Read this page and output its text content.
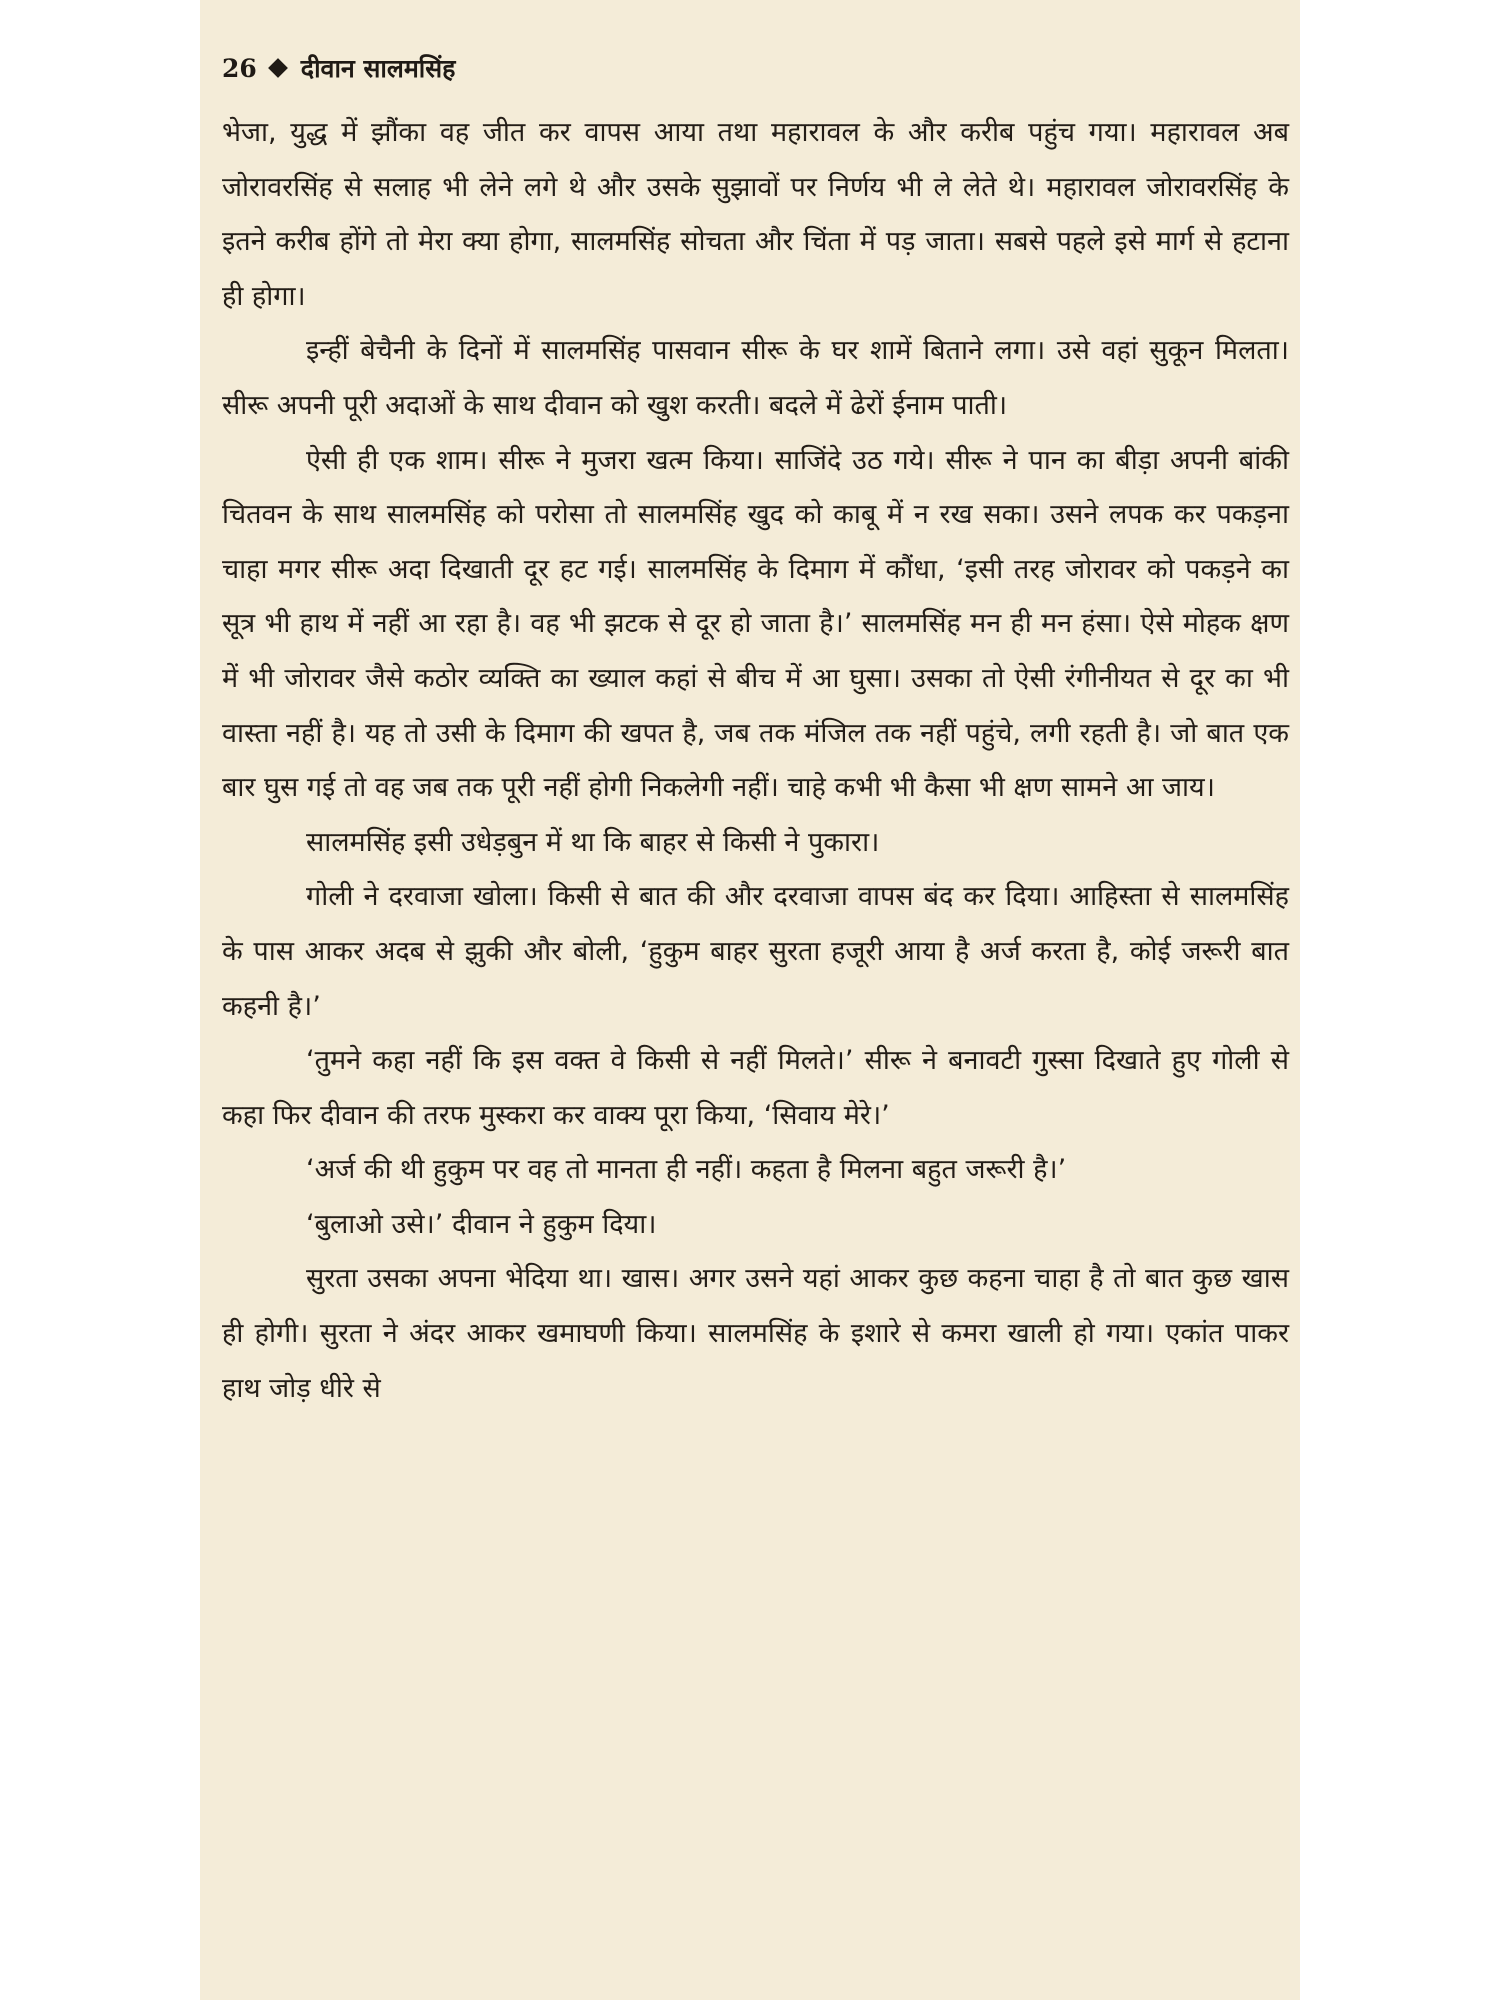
26 दीवान सालमसिंह

भेजा, युद्ध में झौंका वह जीत कर वापस आया तथा महारावल के और करीब पहुंच गया। महारावल अब जोरावरसिंह से सलाह भी लेने लगे थे और उसके सुझावों पर निर्णय भी ले लेते थे। महारावल जोरावरसिंह के इतने करीब होंगे तो मेरा क्या होगा, सालमसिंह सोचता और चिंता में पड़ जाता। सबसे पहले इसे मार्ग से हटाना ही होगा।

इन्हीं बेचैनी के दिनों में सालमसिंह पासवान सीरू के घर शामें बिताने लगा। उसे वहां सुकून मिलता। सीरू अपनी पूरी अदाओं के साथ दीवान को खुश करती। बदले में ढेरों ईनाम पाती।

ऐसी ही एक शाम। सीरू ने मुजरा खत्म किया। साजिंदे उठ गये। सीरू ने पान का बीड़ा अपनी बांकी चितवन के साथ सालमसिंह को परोसा तो सालमसिंह खुद को काबू में न रख सका। उसने लपक कर पकड़ना चाहा मगर सीरू अदा दिखाती दूर हट गई। सालमसिंह के दिमाग में कौंधा, ‘इसी तरह जोरावर को पकड़ने का सूत्र भी हाथ में नहीं आ रहा है। वह भी झटक से दूर हो जाता है।’ सालमसिंह मन ही मन हंसा। ऐसे मोहक क्षण में भी जोरावर जैसे कठोर व्यक्ति का ख्याल कहां से बीच में आ घुसा। उसका तो ऐसी रंगीनीयत से दूर का भी वास्ता नहीं है। यह तो उसी के दिमाग की खपत है, जब तक मंजिल तक नहीं पहुंचे, लगी रहती है। जो बात एक बार घुस गई तो वह जब तक पूरी नहीं होगी निकलेगी नहीं। चाहे कभी भी कैसा भी क्षण सामने आ जाय।

सालमसिंह इसी उधेड़बुन में था कि बाहर से किसी ने पुकारा।

गोली ने दरवाजा खोला। किसी से बात की और दरवाजा वापस बंद कर दिया। आहिस्ता से सालमसिंह के पास आकर अदब से झुकी और बोली, ‘हुकुम बाहर सुरता हजूरी आया है अर्ज करता है, कोई जरूरी बात कहनी है।’

‘तुमने कहा नहीं कि इस वक्त वे किसी से नहीं मिलते।’ सीरू ने बनावटी गुस्सा दिखाते हुए गोली से कहा फिर दीवान की तरफ मुस्करा कर वाक्य पूरा किया, ‘सिवाय मेरे।’

‘अर्ज की थी हुकुम पर वह तो मानता ही नहीं। कहता है मिलना बहुत जरूरी है।’

‘बुलाओ उसे।’ दीवान ने हुकुम दिया।

सुरता उसका अपना भेदिया था। खास। अगर उसने यहां आकर कुछ कहना चाहा है तो बात कुछ खास ही होगी। सुरता ने अंदर आकर खमाघणी किया। सालमसिंह के इशारे से कमरा खाली हो गया। एकांत पाकर हाथ जोड़ धीरे से
